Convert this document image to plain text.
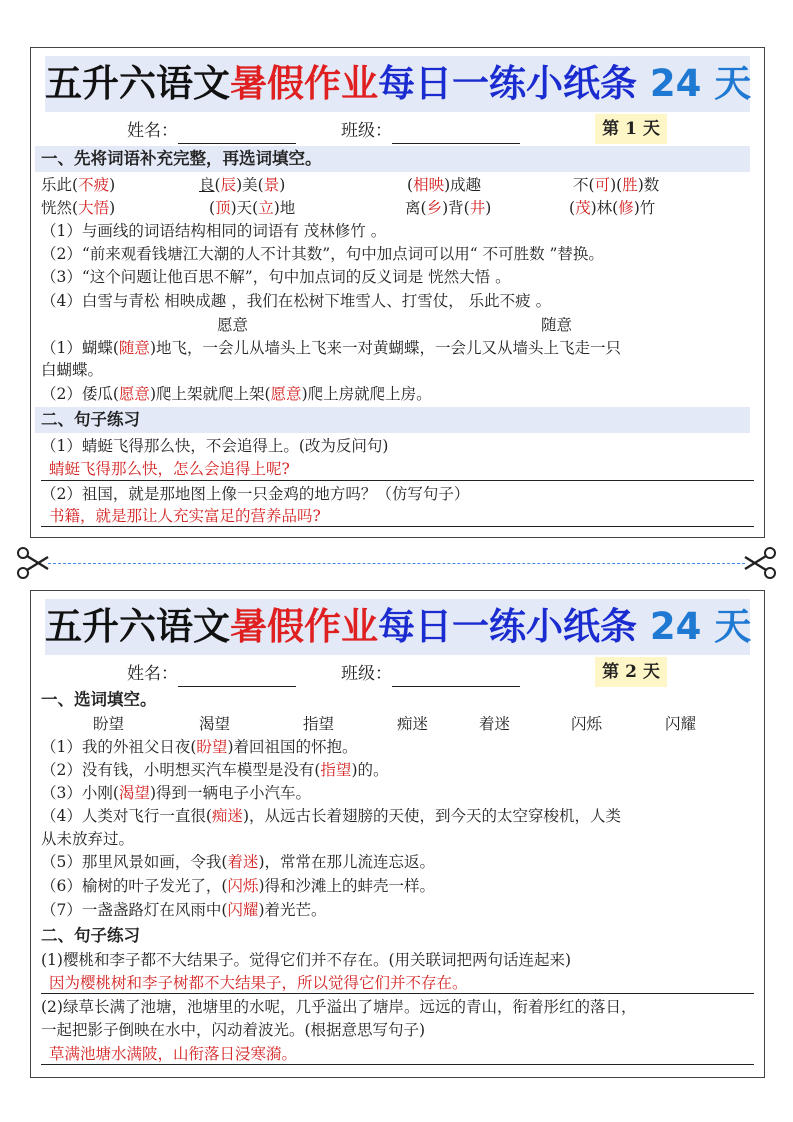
五升六语文暑假作业每日一练小纸条 24 天
姓名：	班级：	第 1 天
一、先将词语补充完整，再选词填空。
乐此(不疲)	良(辰)美(景)	(相映)成趣	不(可)(胜)数
恍然(大悟)	(顶)天(立)地	离(乡)背(井)	(茂)林(修)竹
（1）与画线的词语结构相同的词语有 茂林修竹 。
（2）“前来观看钱塘江大潮的人不计其数”，句中加点词可以用“ 不可胜数 ”替换。
（3）“这个问题让他百思不解”，句中加点词的反义词是 恍然大悟 。
（4）白雪与青松 相映成趣 ，我们在松树下堆雪人、打雪仗， 乐此不疲 。
愿意	随意
（1）蝴蝶(随意)地飞，一会儿从墙头上飞来一对黄蝴蝶，一会儿又从墙头上飞走一只
白蝴蝶。
（2）倭瓜(愿意)爬上架就爬上架(愿意)爬上房就爬上房。
二、句子练习
（1）蜻蜓飞得那么快，不会追得上。(改为反问句)
蜻蜓飞得那么快，怎么会追得上呢?
（2）祖国，就是那地图上像一只金鸡的地方吗？（仿写句子）
书籍，就是那让人充实富足的营养品吗?
五升六语文暑假作业每日一练小纸条 24 天
姓名：	班级：	第 2 天
一、选词填空。
盼望	渴望	指望	痴迷	着迷	闪烁	闪耀
（1）我的外祖父日夜(盼望)着回祖国的怀抱。
（2）没有钱，小明想买汽车模型是没有(指望)的。
（3）小刚(渴望)得到一辆电子小汽车。
（4）人类对飞行一直很(痴迷)，从远古长着翅膀的天使，到今天的太空穿梭机，人类
从未放弃过。
（5）那里风景如画，令我(着迷)，常常在那儿流连忘返。
（6）榆树的叶子发光了，(闪烁)得和沙滩上的蚌壳一样。
（7）一盏盏路灯在风雨中(闪耀)着光芒。
二、句子练习
(1)樱桃和李子都不大结果子。觉得它们并不存在。(用关联词把两句话连起来)
因为樱桃树和李子树都不大结果子，所以觉得它们并不存在。
(2)绿草长满了池塘，池塘里的水呢，几乎溢出了塘岸。远远的青山，衔着彤红的落日，
一起把影子倒映在水中，闪动着波光。(根据意思写句子)
草满池塘水满陂，山衔落日浸寒漪。
